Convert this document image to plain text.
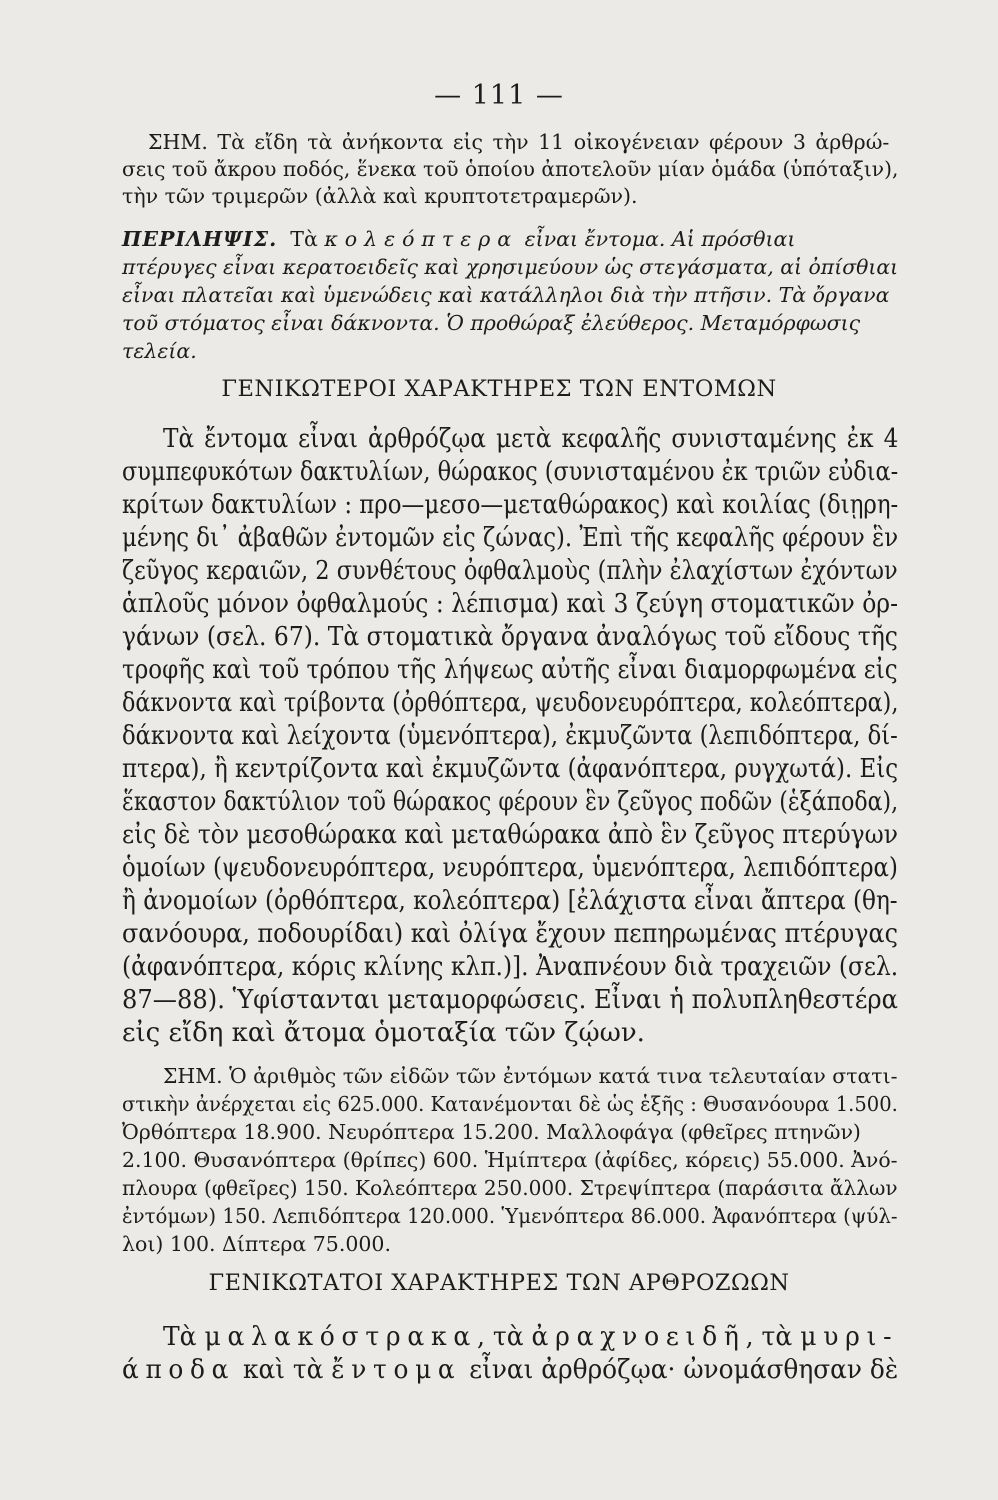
— 111 —
ΣΗΜ. Τὰ εἴδη τὰ ἀνήκοντα εἰς τὴν 11 οἰκογένειαν φέρουν 3 ἀρθρώ-
σεις τοῦ ἄκρου ποδός, ἕνεκα τοῦ ὁποίου ἀποτελοῦν μίαν ὁμάδα (ὑπόταξιν),
τὴν τῶν τριμερῶν (ἀλλὰ καὶ κρυπτοτετραμερῶν).
ΠΕΡΙΛΗΨΙΣ. Τὰ κολεόπτερα εἶναι ἔντομα. Αἱ πρόσθιαι
πτέρυγες εἶναι κερατοειδεῖς καὶ χρησιμεύουν ὡς στεγάσματα, αἱ ὀπίσθιαι
εἶναι πλατεῖαι καὶ ὑμενώδεις καὶ κατάλληλοι διὰ τὴν πτῆσιν. Τὰ ὄργανα
τοῦ στόματος εἶναι δάκνοντα. Ὁ προθώραξ ἐλεύθερος. Μεταμόρφωσις
τελεία.
ΓΕΝΙΚΩΤΕΡΟΙ ΧΑΡΑΚΤΗΡΕΣ ΤΩΝ ΕΝΤΟΜΩΝ
Τὰ ἔντομα εἶναι ἀρθρόζῳα μετὰ κεφαλῆς συνισταμένης ἐκ 4
συμπεφυκότων δακτυλίων, θώρακος (συνισταμένου ἐκ τριῶν εὐδια-
κρίτων δακτυλίων : προ—μεσο—μεταθώρακος) καὶ κοιλίας (διῃρη-
μένης δι᾿ ἀβαθῶν ἐντομῶν εἰς ζώνας). Ἐπὶ τῆς κεφαλῆς φέρουν ἓν
ζεῦγος κεραιῶν, 2 συνθέτους ὀφθαλμοὺς (πλὴν ἐλαχίστων ἐχόντων
ἁπλοῦς μόνον ὀφθαλμούς : λέπισμα) καὶ 3 ζεύγη στοματικῶν ὀρ-
γάνων (σελ. 67). Τὰ στοματικὰ ὄργανα ἀναλόγως τοῦ εἴδους τῆς
τροφῆς καὶ τοῦ τρόπου τῆς λήψεως αὐτῆς εἶναι διαμορφωμένα εἰς
δάκνοντα καὶ τρίβοντα (ὀρθόπτερα, ψευδονευρόπτερα, κολεόπτερα),
δάκνοντα καὶ λείχοντα (ὑμενόπτερα), ἐκμυζῶντα (λεπιδόπτερα, δί-
πτερα), ἢ κεντρίζοντα καὶ ἐκμυζῶντα (ἀφανόπτερα, ρυγχωτά). Εἰς
ἕκαστον δακτύλιον τοῦ θώρακος φέρουν ἓν ζεῦγος ποδῶν (ἑξάποδα),
εἰς δὲ τὸν μεσοθώρακα καὶ μεταθώρακα ἀπὸ ἓν ζεῦγος πτερύγων
ὁμοίων (ψευδονευρόπτερα, νευρόπτερα, ὑμενόπτερα, λεπιδόπτερα)
ἢ ἀνομοίων (ὀρθόπτερα, κολεόπτερα) [ἐλάχιστα εἶναι ἄπτερα (θη-
σανόουρα, ποδουρίδαι) καὶ ὀλίγα ἔχουν πεπηρωμένας πτέρυγας
(ἀφανόπτερα, κόρις κλίνης κλπ.)]. Ἀναπνέουν διὰ τραχειῶν (σελ.
87—88). Ὑφίστανται μεταμορφώσεις. Εἶναι ἡ πολυπληθεστέρα
εἰς εἴδη καὶ ἄτομα ὁμοταξία τῶν ζῴων.
ΣΗΜ. Ὁ ἀριθμὸς τῶν εἰδῶν τῶν ἐντόμων κατά τινα τελευταίαν στατι-
στικὴν ἀνέρχεται εἰς 625.000. Κατανέμονται δὲ ὡς ἑξῆς : Θυσανόουρα 1.500.
Ὀρθόπτερα 18.900. Νευρόπτερα 15.200. Μαλλοφάγα (φθεῖρες πτηνῶν)
2.100. Θυσανόπτερα (θρίπες) 600. Ἡμίπτερα (ἀφίδες, κόρεις) 55.000. Ἀνό-
πλουρα (φθεῖρες) 150. Κολεόπτερα 250.000. Στρεψίπτερα (παράσιτα ἄλλων
ἐντόμων) 150. Λεπιδόπτερα 120.000. Ὑμενόπτερα 86.000. Ἀφανόπτερα (ψύλ-
λοι) 100. Δίπτερα 75.000.
ΓΕΝΙΚΩΤΑΤΟΙ ΧΑΡΑΚΤΗΡΕΣ ΤΩΝ ΑΡΘΡΟΖΩΩΝ
Τὰ μαλακόστρακα, τὰ ἀραχνοειδῆ, τὰ μυρι-
άποδα καὶ τὰ ἔντομα εἶναι ἀρθρόζῳα· ὠνομάσθησαν δὲ
